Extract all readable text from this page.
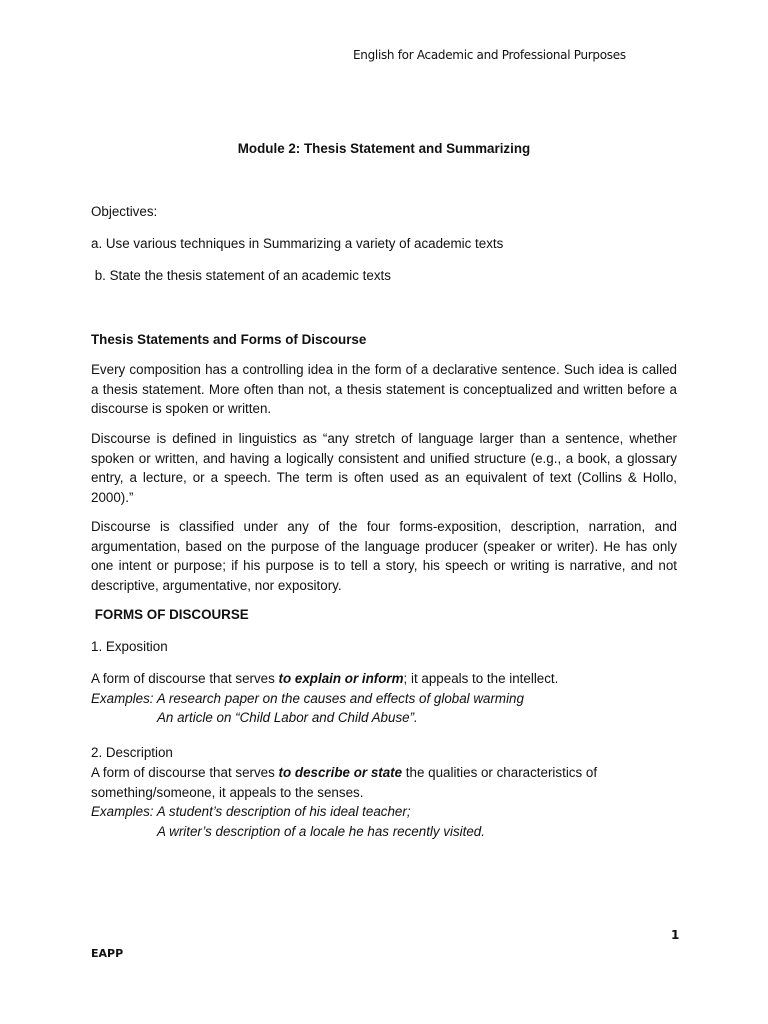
English for Academic and Professional Purposes
Module 2: Thesis Statement and Summarizing

Objectives:

a. Use various techniques in Summarizing a variety of academic texts

b. State the thesis statement of an academic texts

Thesis Statements and Forms of Discourse

Every composition has a controlling idea in the form of a declarative sentence. Such idea is called a thesis statement. More often than not, a thesis statement is conceptualized and written before a discourse is spoken or written.

Discourse is defined in linguistics as “any stretch of language larger than a sentence, whether spoken or written, and having a logically consistent and unified structure (e.g., a book, a glossary entry, a lecture, or a speech. The term is often used as an equivalent of text (Collins & Hollo, 2000).”

Discourse is classified under any of the four forms-exposition, description, narration, and argumentation, based on the purpose of the language producer (speaker or writer). He has only one intent or purpose; if his purpose is to tell a story, his speech or writing is narrative, and not descriptive, argumentative, nor expository.

FORMS OF DISCOURSE

1. Exposition

A form of discourse that serves to explain or inform; it appeals to the intellect.
Examples: A research paper on the causes and effects of global warming
An article on “Child Labor and Child Abuse”.

2. Description

A form of discourse that serves to describe or state the qualities or characteristics of something/someone, it appeals to the senses.
Examples: A student’s description of his ideal teacher;
A writer’s description of a locale he has recently visited.
1
EAPP
